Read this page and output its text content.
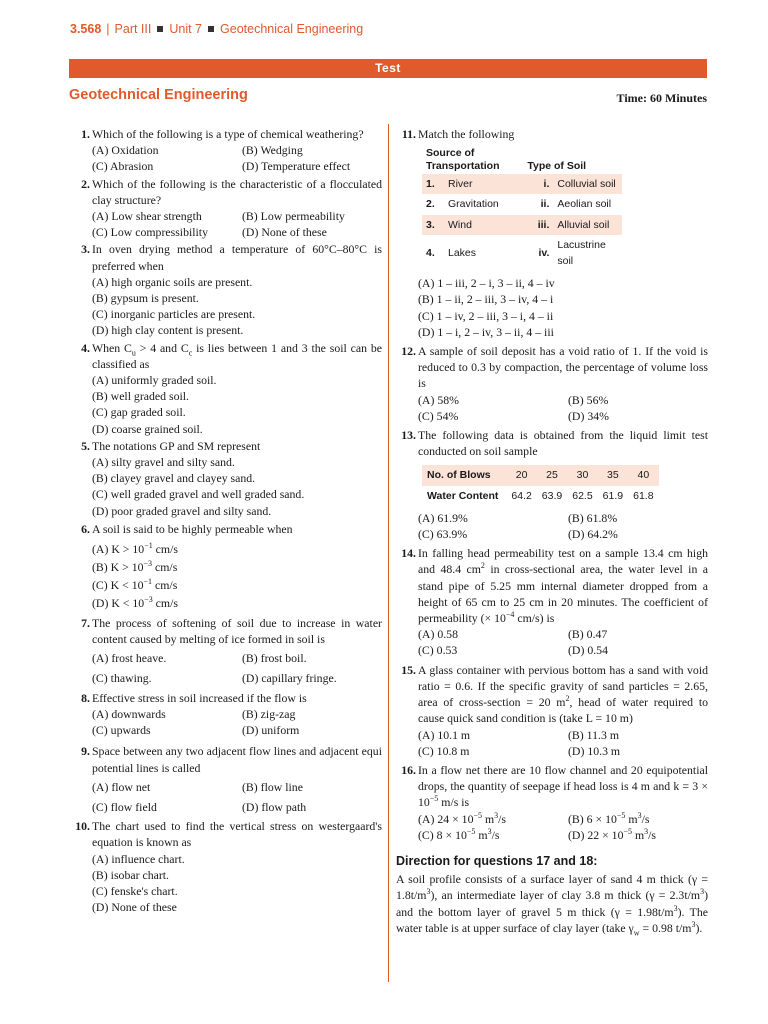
3.568 | Part III Unit 7 Geotechnical Engineering
Test
Geotechnical Engineering	Time: 60 Minutes
1. Which of the following is a type of chemical weathering?
(A) Oxidation	(B) Wedging
(C) Abrasion	(D) Temperature effect
2. Which of the following is the characteristic of a flocculated clay structure?
(A) Low shear strength	(B) Low permeability
(C) Low compressibility	(D) None of these
3. In oven drying method a temperature of 60°C–80°C is preferred when
(A) high organic soils are present.
(B) gypsum is present.
(C) inorganic particles are present.
(D) high clay content is present.
4. When $C_u > 4$ and $C_c$ is lies between 1 and 3 the soil can be classified as
(A) uniformly graded soil.
(B) well graded soil.
(C) gap graded soil.
(D) coarse grained soil.
5. The notations GP and SM represent
(A) silty gravel and silty sand.
(B) clayey gravel and clayey sand.
(C) well graded gravel and well graded sand.
(D) poor graded gravel and silty sand.
6. A soil is said to be highly permeable when
(A) $K > 10^{-1}$ cm/s
(B) $K > 10^{-3}$ cm/s
(C) $K < 10^{-1}$ cm/s
(D) $K < 10^{-3}$ cm/s
7. The process of softening of soil due to increase in water content caused by melting of ice formed in soil is
(A) frost heave.	(B) frost boil.
(C) thawing.	(D) capillary fringe.
8. Effective stress in soil increased if the flow is
(A) downwards	(B) zig-zag
(C) upwards	(D) uniform
9. Space between any two adjacent flow lines and adjacent equi potential lines is called
(A) flow net	(B) flow line
(C) flow field	(D) flow path
10. The chart used to find the vertical stress on westergaard's equation is known as
(A) influence chart.
(B) isobar chart.
(C) fenske's chart.
(D) None of these
11. Match the following
Source of Transportation		Type of Soil	
1.	River	i.	Colluvial soil
2.	Gravitation	ii.	Aeolian soil
3.	Wind	iii.	Alluvial soil
4.	Lakes	iv.	Lacustrine soil
(A) 1 – iii, 2 – i, 3 – ii, 4 – iv
(B) 1 – ii, 2 – iii, 3 – iv, 4 – i
(C) 1 – iv, 2 – iii, 3 – i, 4 – ii
(D) 1 – i, 2 – iv, 3 – ii, 4 – iii
12. A sample of soil deposit has a void ratio of 1. If the void is reduced to 0.3 by compaction, the percentage of volume loss is
(A) 58%	(B) 56%
(C) 54%	(D) 34%
13. The following data is obtained from the liquid limit test conducted on soil sample
No. of Blows	20	25	30	35	40
Water Content	64.2	63.9	62.5	61.9	61.8
(A) 61.9%	(B) 61.8%
(C) 63.9%	(D) 64.2%
14. In falling head permeability test on a sample 13.4 cm high and 48.4 $cm^2$ in cross-sectional area, the water level in a stand pipe of 5.25 mm internal diameter dropped from a height of 65 cm to 25 cm in 20 minutes. The coefficient of permeability (× $10^{-4}$ cm/s) is
(A) 0.58	(B) 0.47
(C) 0.53	(D) 0.54
15. A glass container with pervious bottom has a sand with void ratio = 0.6. If the specific gravity of sand particles = 2.65, area of cross-section = 20 $m^2$, head of water required to cause quick sand condition is (take L = 10 m)
(A) 10.1 m	(B) 11.3 m
(C) 10.8 m	(D) 10.3 m
16. In a flow net there are 10 flow channel and 20 equipotential drops, the quantity of seepage if head loss is 4 m and $k = 3 \times 10^{-5}$ m/s is
(A) $24 \times 10^{-5}$ $m^3/s$	(B) $6 \times 10^{-5}$ $m^3/s$
(C) $8 \times 10^{-5}$ $m^3/s$	(D) $22 \times 10^{-5}$ $m^3/s$
Direction for questions 17 and 18:
A soil profile consists of a surface layer of sand 4 m thick $(\gamma = 1.8t/m^3)$, an intermediate layer of clay 3.8 m thick $(\gamma = 2.3t/m^3)$ and the bottom layer of gravel 5 m thick $(\gamma = 1.98t/m^3)$. The water table is at upper surface of clay layer (take $\gamma_w = 0.98$ $t/m^3$).
